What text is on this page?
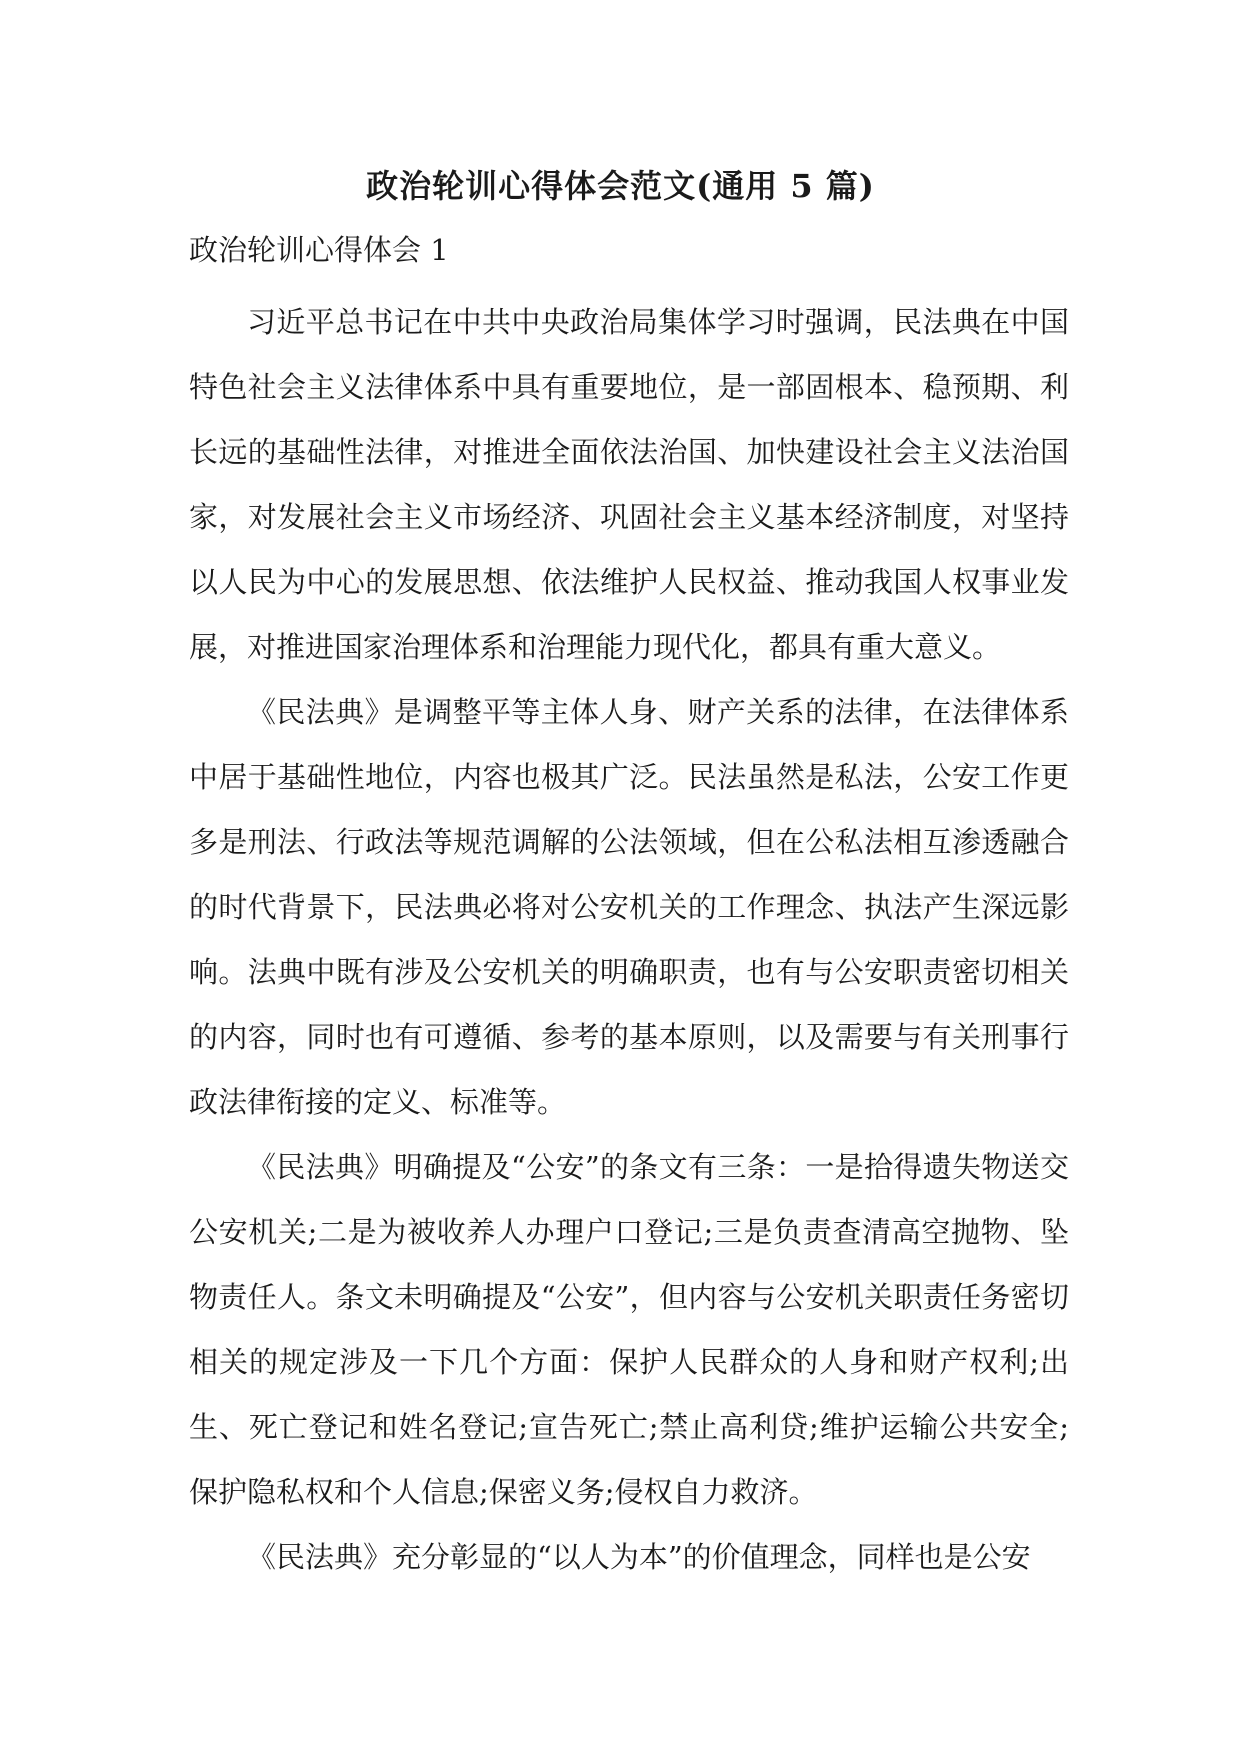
政治轮训心得体会范文(通用 5 篇)
政治轮训心得体会 1

习近平总书记在中共中央政治局集体学习时强调，民法典在中国特色社会主义法律体系中具有重要地位，是一部固根本、稳预期、利长远的基础性法律，对推进全面依法治国、加快建设社会主义法治国家，对发展社会主义市场经济、巩固社会主义基本经济制度，对坚持以人民为中心的发展思想、依法维护人民权益、推动我国人权事业发展，对推进国家治理体系和治理能力现代化，都具有重大意义。

《民法典》是调整平等主体人身、财产关系的法律，在法律体系中居于基础性地位，内容也极其广泛。民法虽然是私法，公安工作更多是刑法、行政法等规范调解的公法领域，但在公私法相互渗透融合的时代背景下，民法典必将对公安机关的工作理念、执法产生深远影响。法典中既有涉及公安机关的明确职责，也有与公安职责密切相关的内容，同时也有可遵循、参考的基本原则，以及需要与有关刑事行政法律衔接的定义、标准等。

《民法典》明确提及“公安”的条文有三条：一是拾得遗失物送交公安机关;二是为被收养人办理户口登记;三是负责查清高空抛物、坠物责任人。条文未明确提及“公安”，但内容与公安机关职责任务密切相关的规定涉及一下几个方面：保护人民群众的人身和财产权利;出生、死亡登记和姓名登记;宣告死亡;禁止高利贷;维护运输公共安全;保护隐私权和个人信息;保密义务;侵权自力救济。

《民法典》充分彰显的“以人为本”的价值理念，同样也是公安
